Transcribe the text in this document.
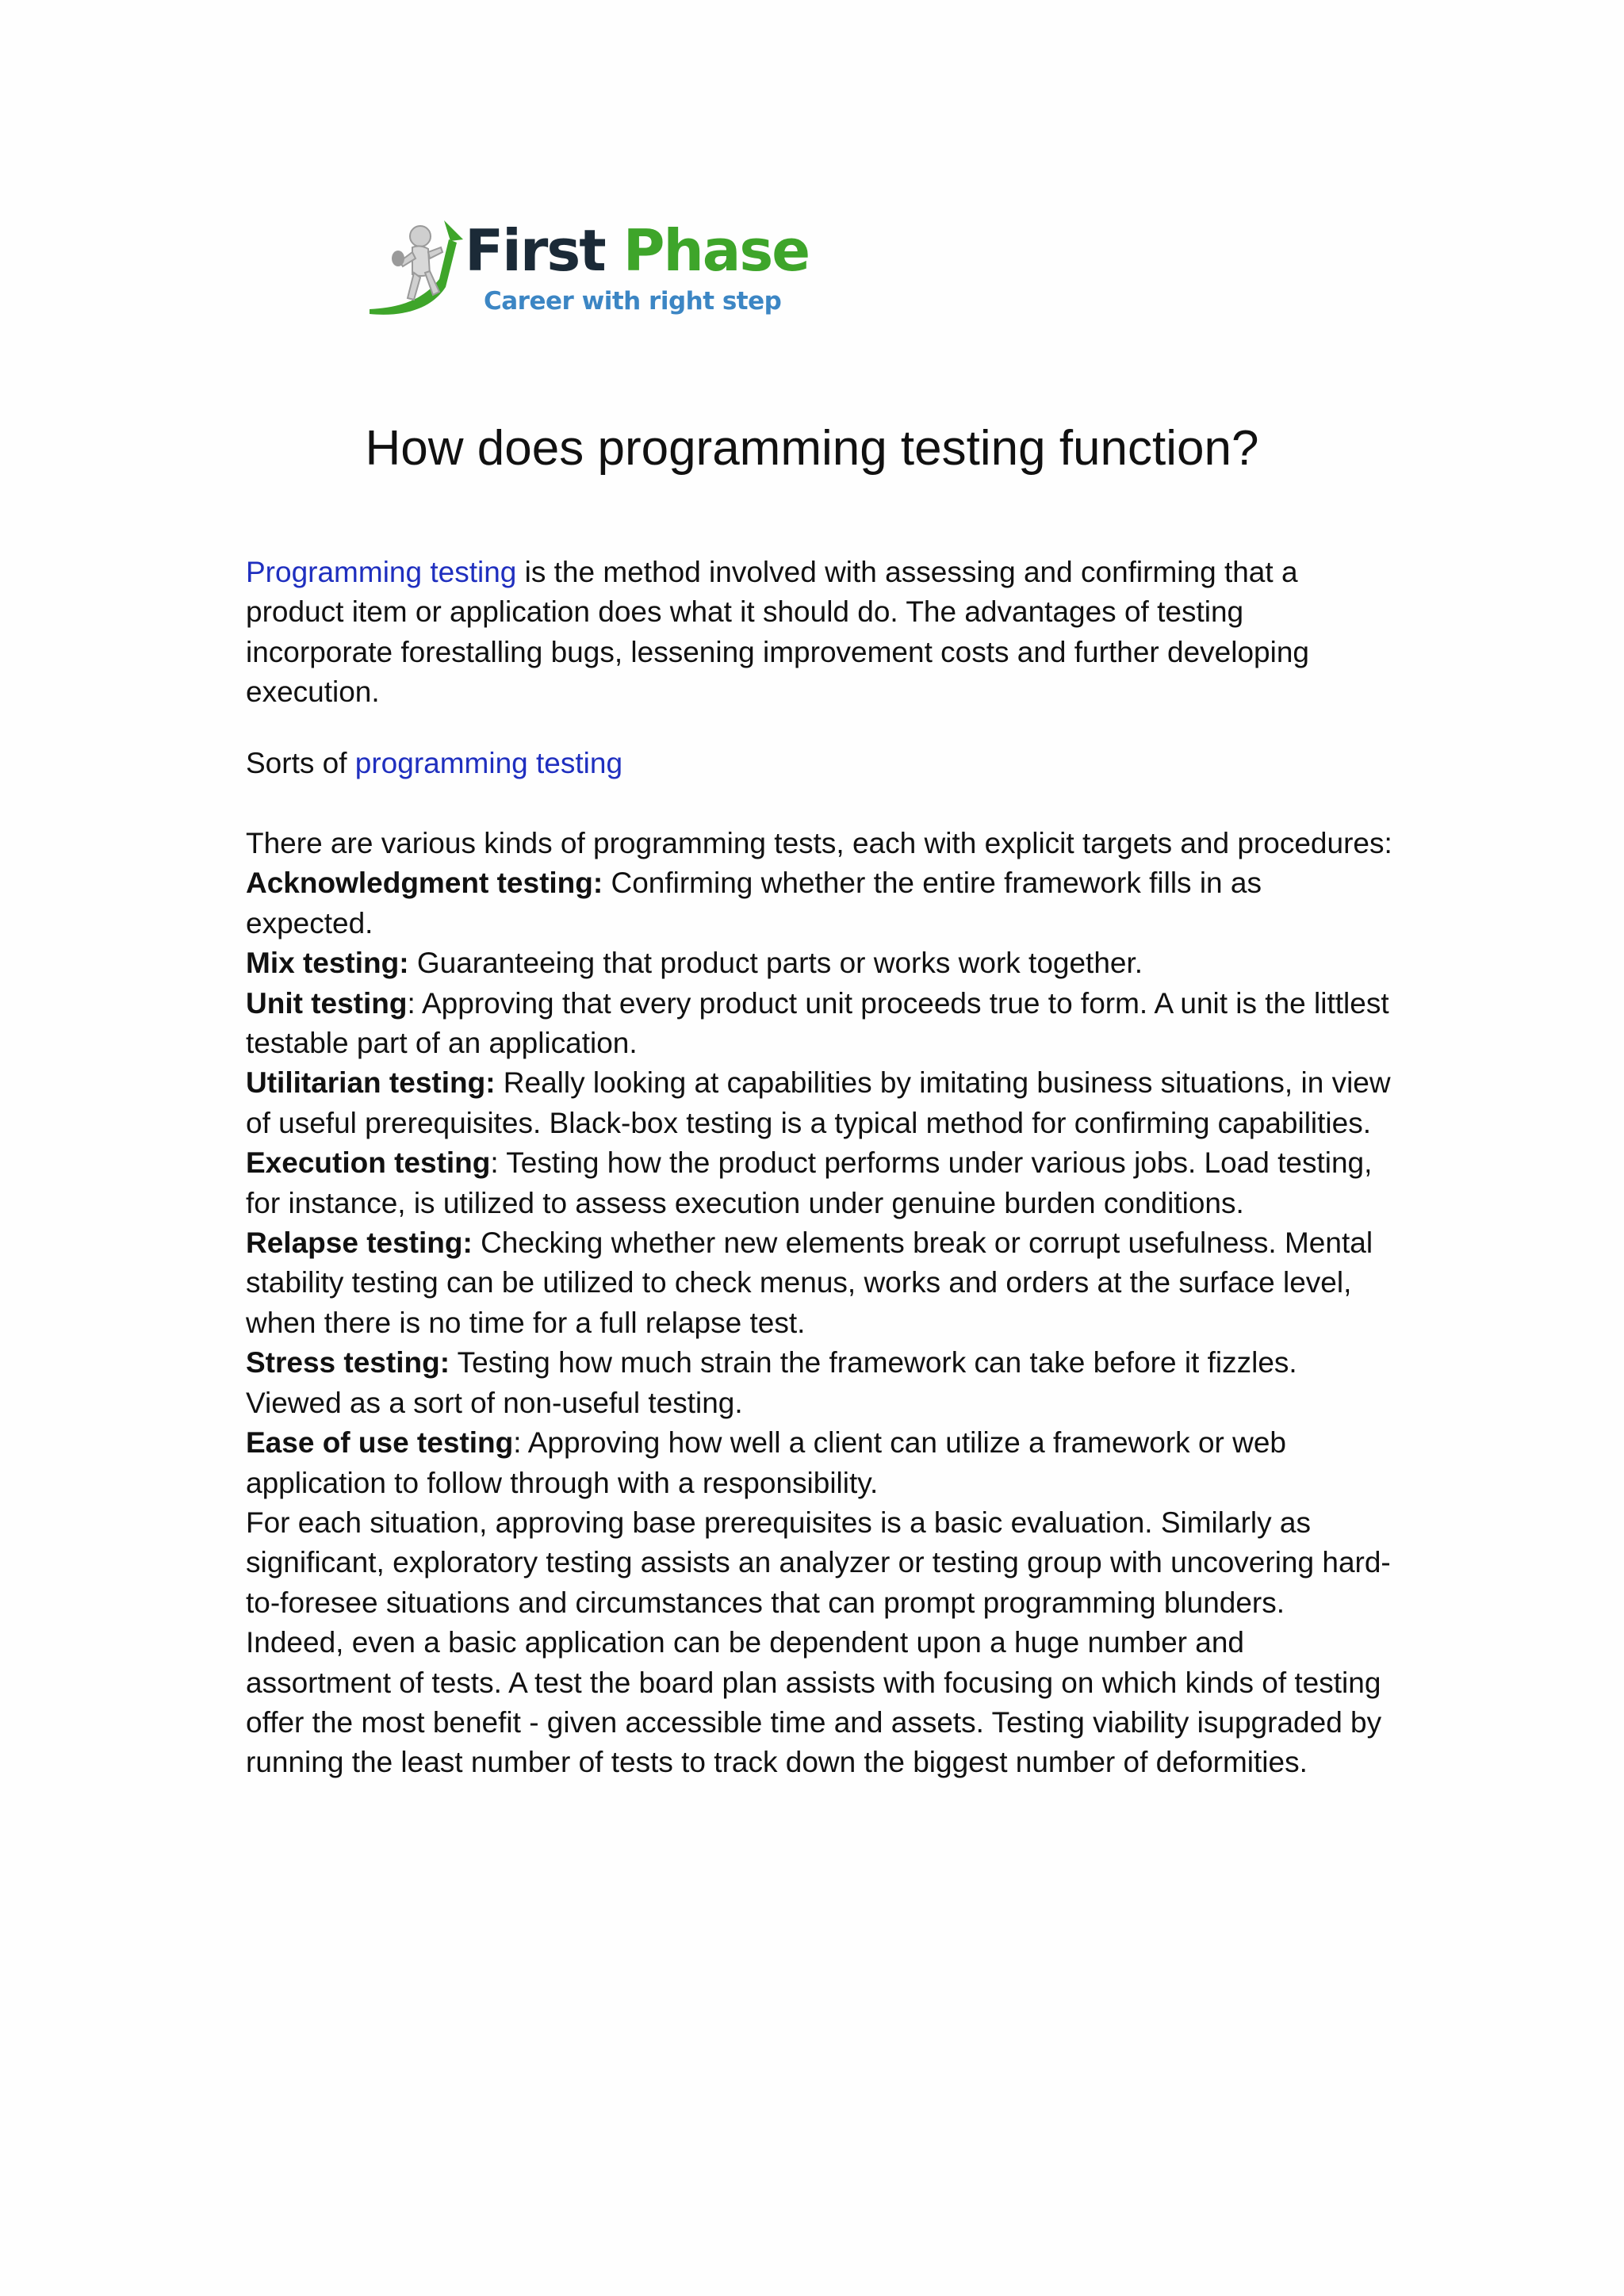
First Phase
Career with right step
How does programming testing function?

Programming testing is the method involved with assessing and confirming that a product item or application does what it should do. The advantages of testing incorporate forestalling bugs, lessening improvement costs and further developing execution.

Sorts of programming testing

There are various kinds of programming tests, each with explicit targets and procedures:

Acknowledgment testing: Confirming whether the entire framework fills in as expected.

Mix testing: Guaranteeing that product parts or works work together.

Unit testing: Approving that every product unit proceeds true to form. A unit is the littlest testable part of an application.

Utilitarian testing: Really looking at capabilities by imitating business situations, in view of useful prerequisites. Black-box testing is a typical method for confirming capabilities.

Execution testing: Testing how the product performs under various jobs. Load testing, for instance, is utilized to assess execution under genuine burden conditions.

Relapse testing: Checking whether new elements break or corrupt usefulness. Mental stability testing can be utilized to check menus, works and orders at the surface level, when there is no time for a full relapse test.

Stress testing: Testing how much strain the framework can take before it fizzles. Viewed as a sort of non-useful testing.

Ease of use testing: Approving how well a client can utilize a framework or web application to follow through with a responsibility.

For each situation, approving base prerequisites is a basic evaluation. Similarly as significant, exploratory testing assists an analyzer or testing group with uncovering hard-to-foresee situations and circumstances that can prompt programming blunders.

Indeed, even a basic application can be dependent upon a huge number and assortment of tests. A test the board plan assists with focusing on which kinds of testing offer the most benefit - given accessible time and assets. Testing viability isupgraded by running the least number of tests to track down the biggest number of deformities.
